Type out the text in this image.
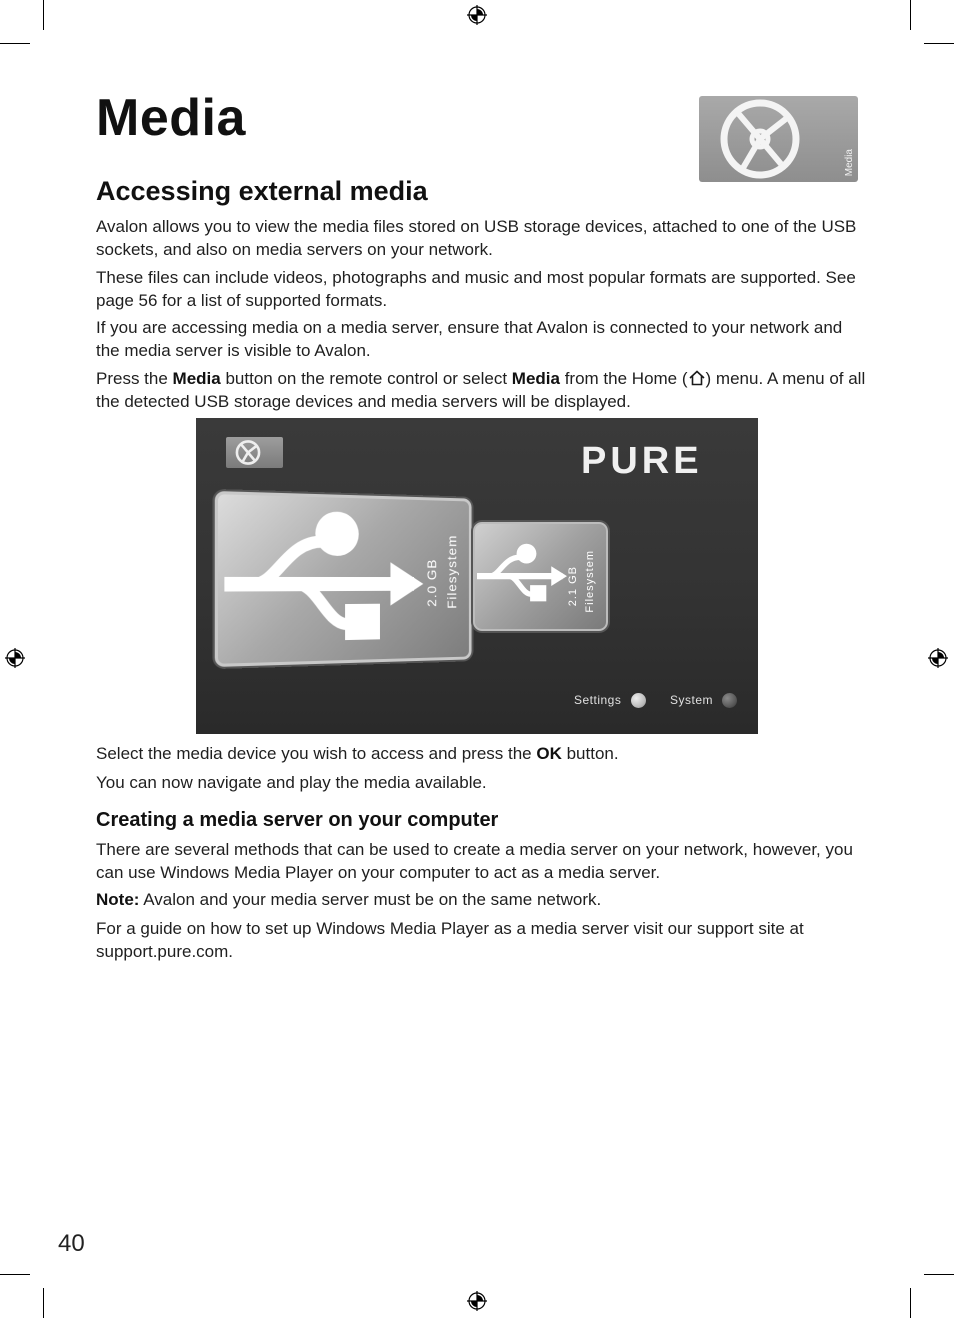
Media
Media
Accessing external media

Avalon allows you to view the media files stored on USB storage devices, attached to one of the USB sockets, and also on media servers on your network.

These files can include videos, photographs and music and most popular formats are supported. See page 56 for a list of supported formats.

If you are accessing media on a media server, ensure that Avalon is connected to your network and the media server is visible to Avalon.

Press the Media button on the remote control or select Media from the Home ( ) menu. A menu of all the detected USB storage devices and media servers will be displayed.

PURE
2.0 GB Filesystem	2.1 GB Filesystem
Settings	System

Select the media device you wish to access and press the OK button.

You can now navigate and play the media available.

Creating a media server on your computer

There are several methods that can be used to create a media server on your network, however, you can use Windows Media Player on your computer to act as a media server.

Note: Avalon and your media server must be on the same network.

For a guide on how to set up Windows Media Player as a media server visit our support site at support.pure.com.

40
